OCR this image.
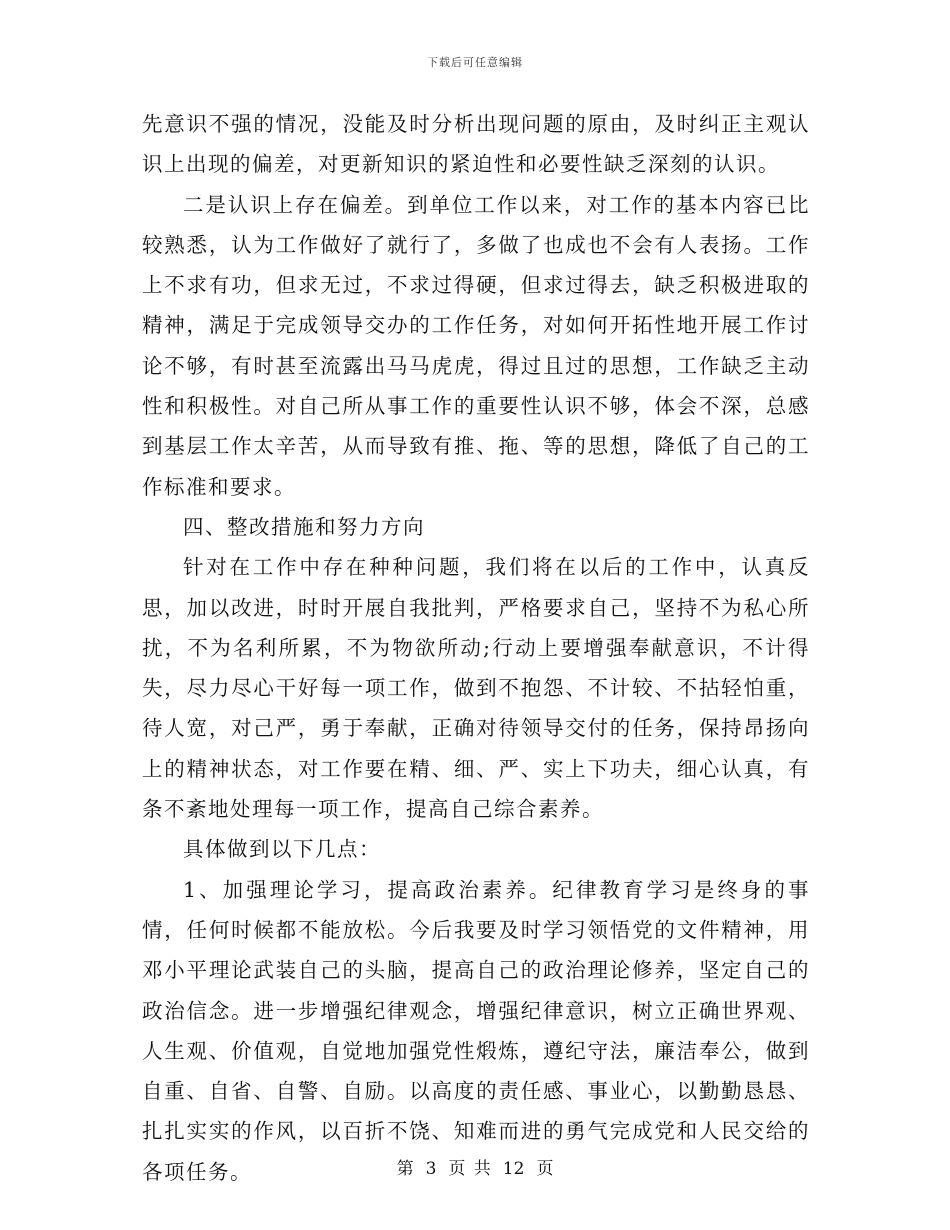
下载后可任意编辑

先意识不强的情况，没能及时分析出现问题的原由，及时纠正主观认识上出现的偏差，对更新知识的紧迫性和必要性缺乏深刻的认识。

二是认识上存在偏差。到单位工作以来，对工作的基本内容已比较熟悉，认为工作做好了就行了，多做了也成也不会有人表扬。工作上不求有功，但求无过，不求过得硬，但求过得去，缺乏积极进取的精神，满足于完成领导交办的工作任务，对如何开拓性地开展工作讨论不够，有时甚至流露出马马虎虎，得过且过的思想，工作缺乏主动性和积极性。对自己所从事工作的重要性认识不够，体会不深，总感到基层工作太辛苦，从而导致有推、拖、等的思想，降低了自己的工作标准和要求。

四、整改措施和努力方向

针对在工作中存在种种问题，我们将在以后的工作中，认真反思，加以改进，时时开展自我批判，严格要求自己，坚持不为私心所扰，不为名利所累，不为物欲所动;行动上要增强奉献意识，不计得失，尽力尽心干好每一项工作，做到不抱怨、不计较、不拈轻怕重，待人宽，对己严，勇于奉献，正确对待领导交付的任务，保持昂扬向上的精神状态，对工作要在精、细、严、实上下功夫，细心认真，有条不紊地处理每一项工作，提高自己综合素养。

具体做到以下几点：

1、加强理论学习，提高政治素养。纪律教育学习是终身的事情，任何时候都不能放松。今后我要及时学习领悟党的文件精神，用邓小平理论武装自己的头脑，提高自己的政治理论修养，坚定自己的政治信念。进一步增强纪律观念，增强纪律意识，树立正确世界观、人生观、价值观，自觉地加强党性煅炼，遵纪守法，廉洁奉公，做到自重、自省、自警、自励。以高度的责任感、事业心，以勤勤恳恳、扎扎实实的作风，以百折不饶、知难而进的勇气完成党和人民交给的各项任务。	第 3 页 共 12 页
